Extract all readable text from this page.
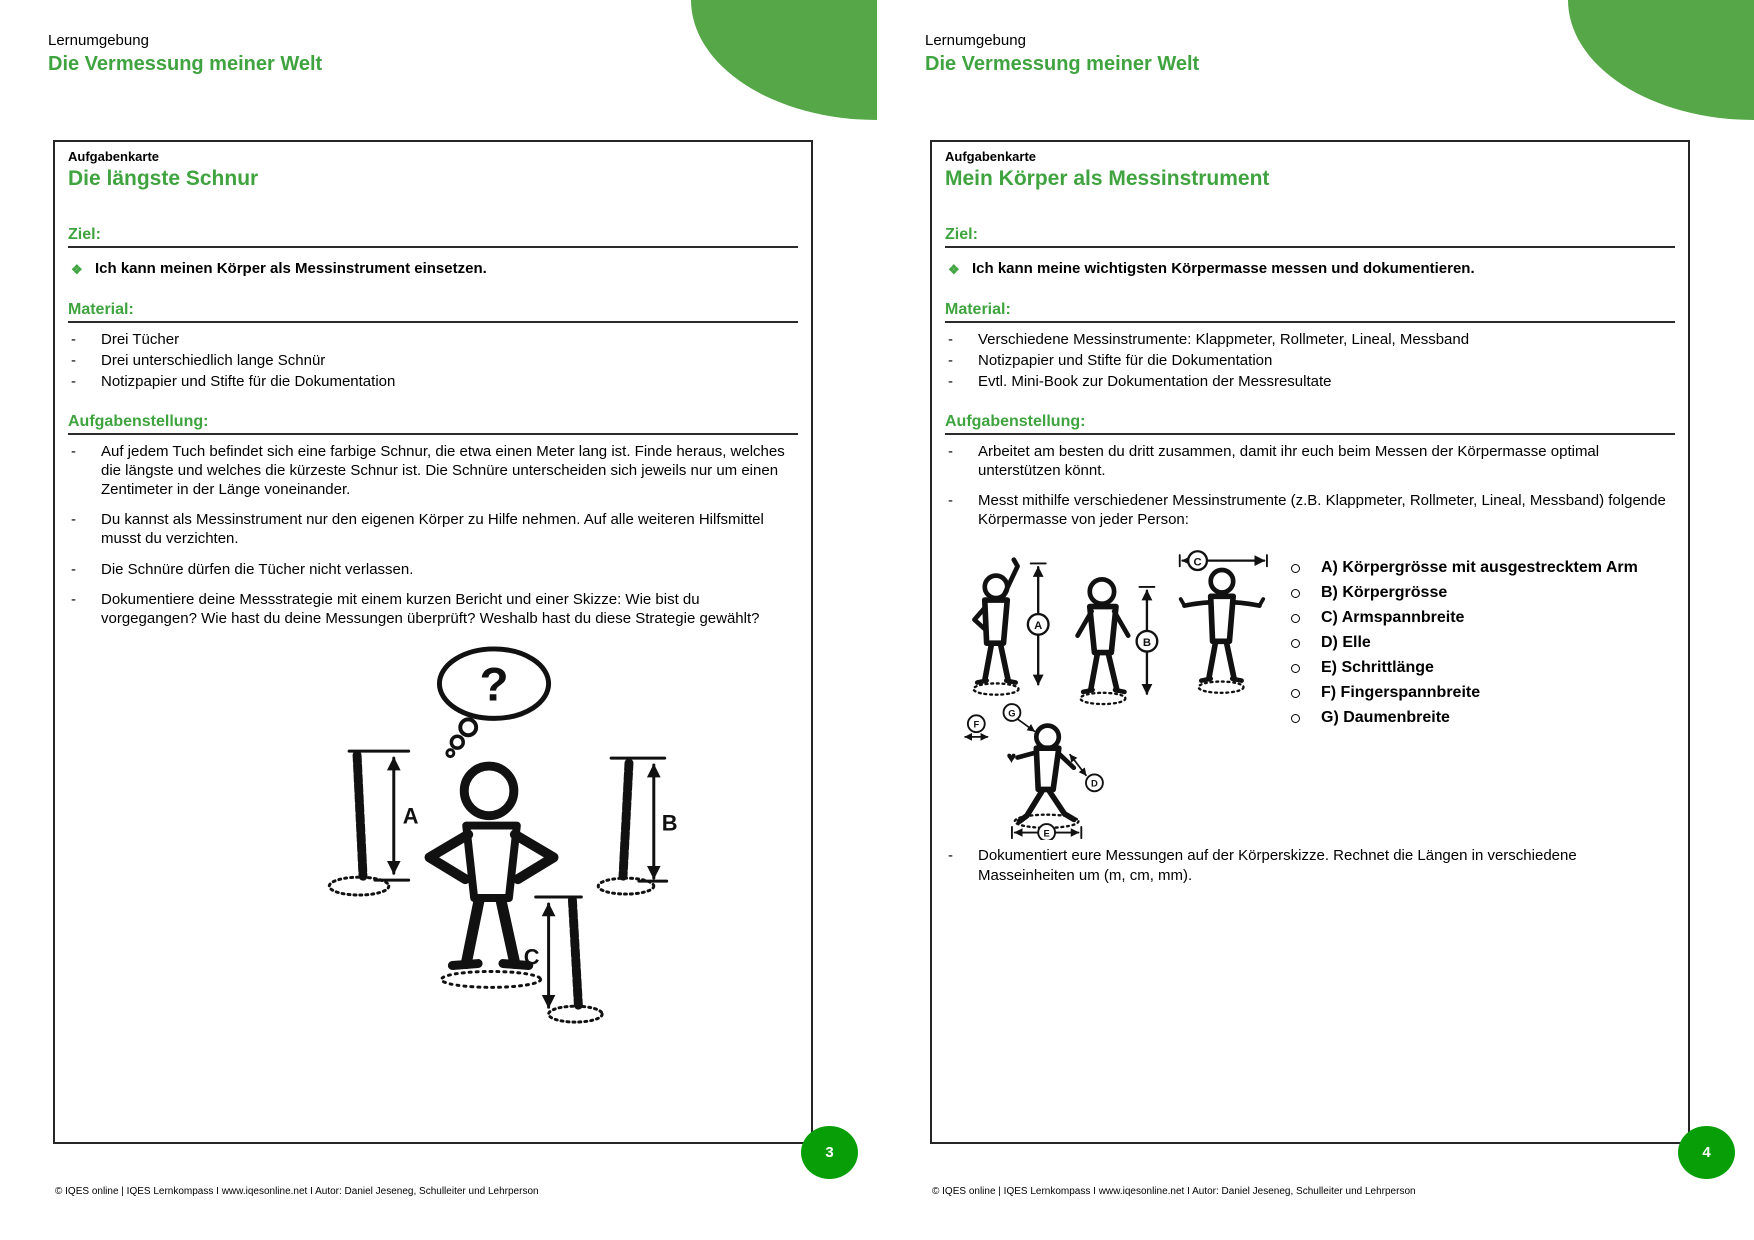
Lernumgebung
Die Vermessung meiner Welt
Aufgabenkarte
Die längste Schnur
Ziel:
❖ Ich kann meinen Körper als Messinstrument einsetzen.
Material:
-	Drei Tücher
-	Drei unterschiedlich lange Schnür
-	Notizpapier und Stifte für die Dokumentation
Aufgabenstellung:
-	Auf jedem Tuch befindet sich eine farbige Schnur, die etwa einen Meter lang ist. Finde heraus, welches die längste und welches die kürzeste Schnur ist. Die Schnüre unterscheiden sich jeweils nur um einen Zentimeter in der Länge voneinander.
-	Du kannst als Messinstrument nur den eigenen Körper zu Hilfe nehmen. Auf alle weiteren Hilfsmittel musst du verzichten.
-	Die Schnüre dürfen die Tücher nicht verlassen.
-	Dokumentiere deine Messstrategie mit einem kurzen Bericht und einer Skizze: Wie bist du vorgegangen? Wie hast du deine Messungen überprüft? Weshalb hast du diese Strategie gewählt?
?
A	B
C
© IQES online | IQES Lernkompass I www.iqesonline.net I Autor: Daniel Jeseneg, Schulleiter und Lehrperson
3
Lernumgebung
Die Vermessung meiner Welt
Aufgabenkarte
Mein Körper als Messinstrument
Ziel:
❖ Ich kann meine wichtigsten Körpermasse messen und dokumentieren.
Material:
-	Verschiedene Messinstrumente: Klappmeter, Rollmeter, Lineal, Messband
-	Notizpapier und Stifte für die Dokumentation
-	Evtl. Mini-Book zur Dokumentation der Messresultate
Aufgabenstellung:
-	Arbeitet am besten du dritt zusammen, damit ihr euch beim Messen der Körpermasse optimal unterstützen könnt.
-	Messt mithilfe verschiedener Messinstrumente (z.B. Klappmeter, Rollmeter, Lineal, Messband) folgende Körpermasse von jeder Person:
A
B
C
F
G
♥
D
E
A) Körpergrösse mit ausgestrecktem Arm
B) Körpergrösse
C) Armspannbreite
D) Elle
E) Schrittlänge
F) Fingerspannbreite
G) Daumenbreite
-	Dokumentiert eure Messungen auf der Körperskizze. Rechnet die Längen in verschiedene Masseinheiten um (m, cm, mm).
© IQES online | IQES Lernkompass I www.iqesonline.net I Autor: Daniel Jeseneg, Schulleiter und Lehrperson
4
